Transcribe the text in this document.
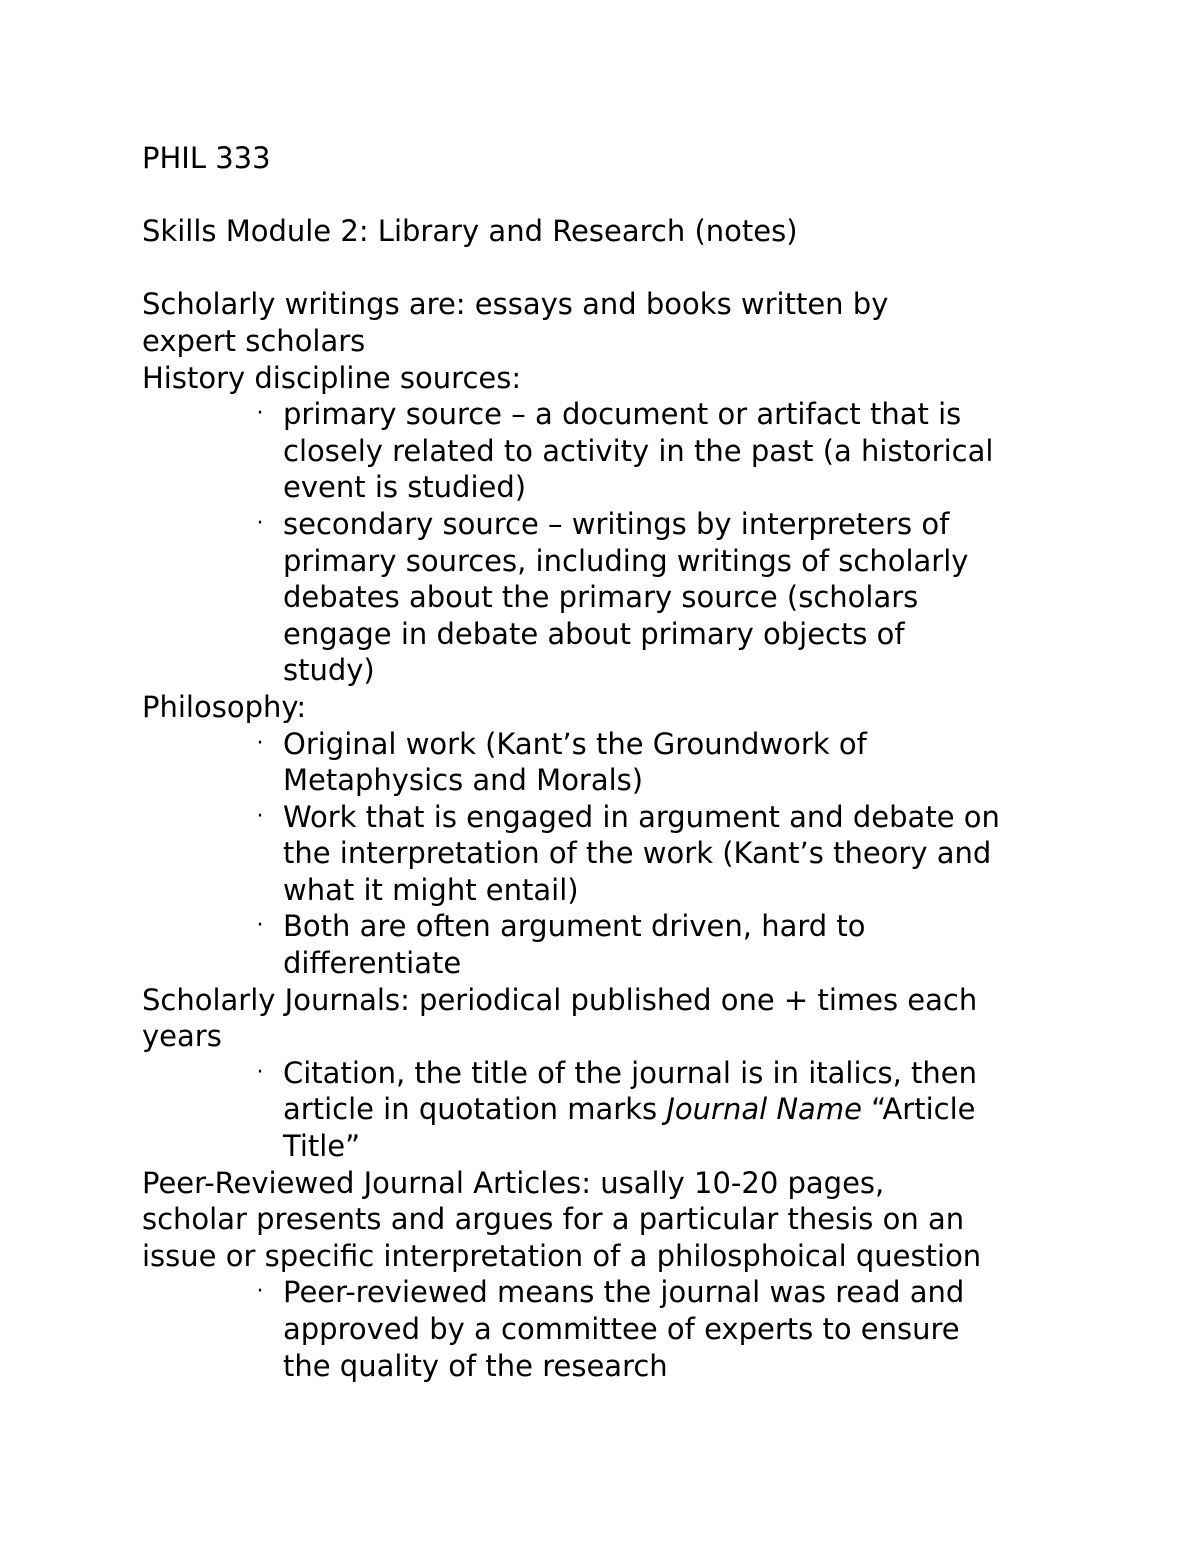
PHIL 333
Skills Module 2: Library and Research (notes)
Scholarly writings are: essays and books written by
expert scholars
History discipline sources:
· primary source – a document or artifact that is
closely related to activity in the past (a historical
event is studied)
· secondary source – writings by interpreters of
primary sources, including writings of scholarly
debates about the primary source (scholars
engage in debate about primary objects of
study)
Philosophy:
· Original work (Kant’s the Groundwork of
Metaphysics and Morals)
· Work that is engaged in argument and debate on
the interpretation of the work (Kant’s theory and
what it might entail)
· Both are often argument driven, hard to
differentiate
Scholarly Journals: periodical published one + times each
years
· Citation, the title of the journal is in italics, then
article in quotation marks Journal Name “Article
Title”
Peer-Reviewed Journal Articles: usally 10-20 pages,
scholar presents and argues for a particular thesis on an
issue or specific interpretation of a philosphoical question
· Peer-reviewed means the journal was read and
approved by a committee of experts to ensure
the quality of the research
